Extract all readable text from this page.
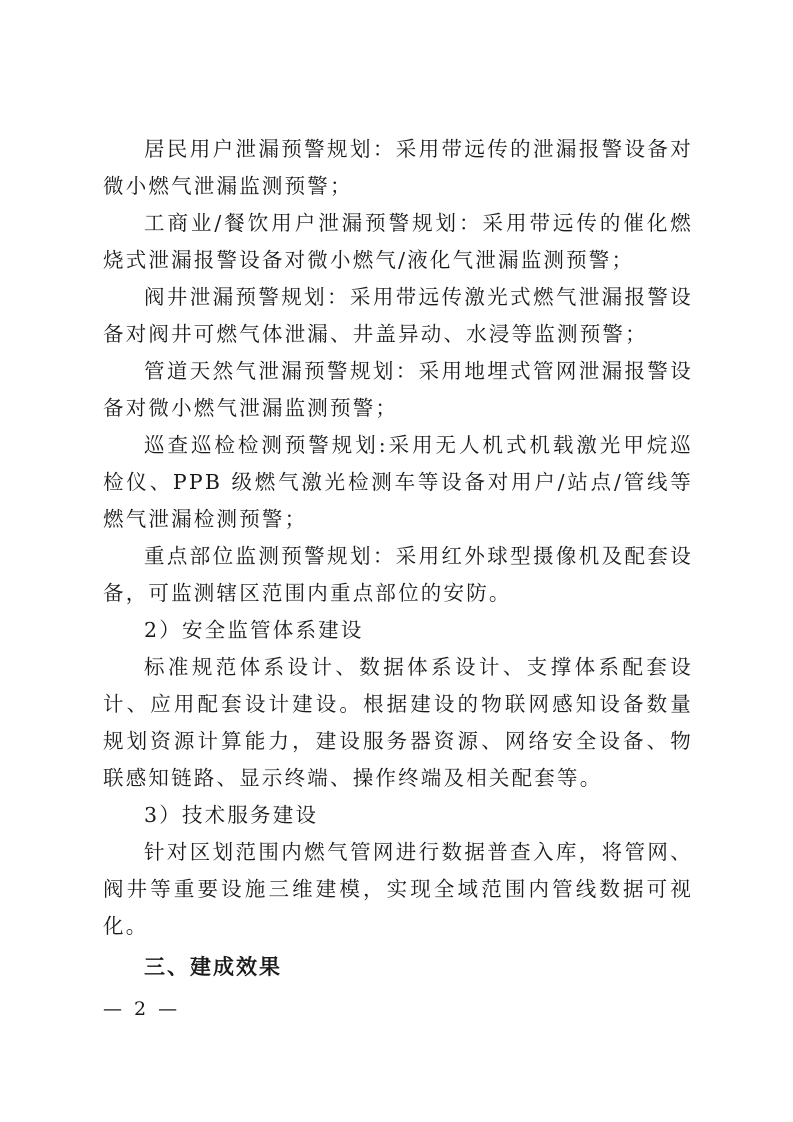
居民用户泄漏预警规划：采用带远传的泄漏报警设备对微小燃气泄漏监测预警；

工商业/餐饮用户泄漏预警规划：采用带远传的催化燃烧式泄漏报警设备对微小燃气/液化气泄漏监测预警；

阀井泄漏预警规划：采用带远传激光式燃气泄漏报警设备对阀井可燃气体泄漏、井盖异动、水浸等监测预警；

管道天然气泄漏预警规划：采用地埋式管网泄漏报警设备对微小燃气泄漏监测预警；

巡查巡检检测预警规划:采用无人机式机载激光甲烷巡检仪、PPB 级燃气激光检测车等设备对用户/站点/管线等燃气泄漏检测预警；

重点部位监测预警规划：采用红外球型摄像机及配套设备，可监测辖区范围内重点部位的安防。

2）安全监管体系建设

标准规范体系设计、数据体系设计、支撑体系配套设计、应用配套设计建设。根据建设的物联网感知设备数量规划资源计算能力，建设服务器资源、网络安全设备、物联感知链路、显示终端、操作终端及相关配套等。

3）技术服务建设

针对区划范围内燃气管网进行数据普查入库，将管网、阀井等重要设施三维建模，实现全域范围内管线数据可视化。

三、建成效果

— 2 —
